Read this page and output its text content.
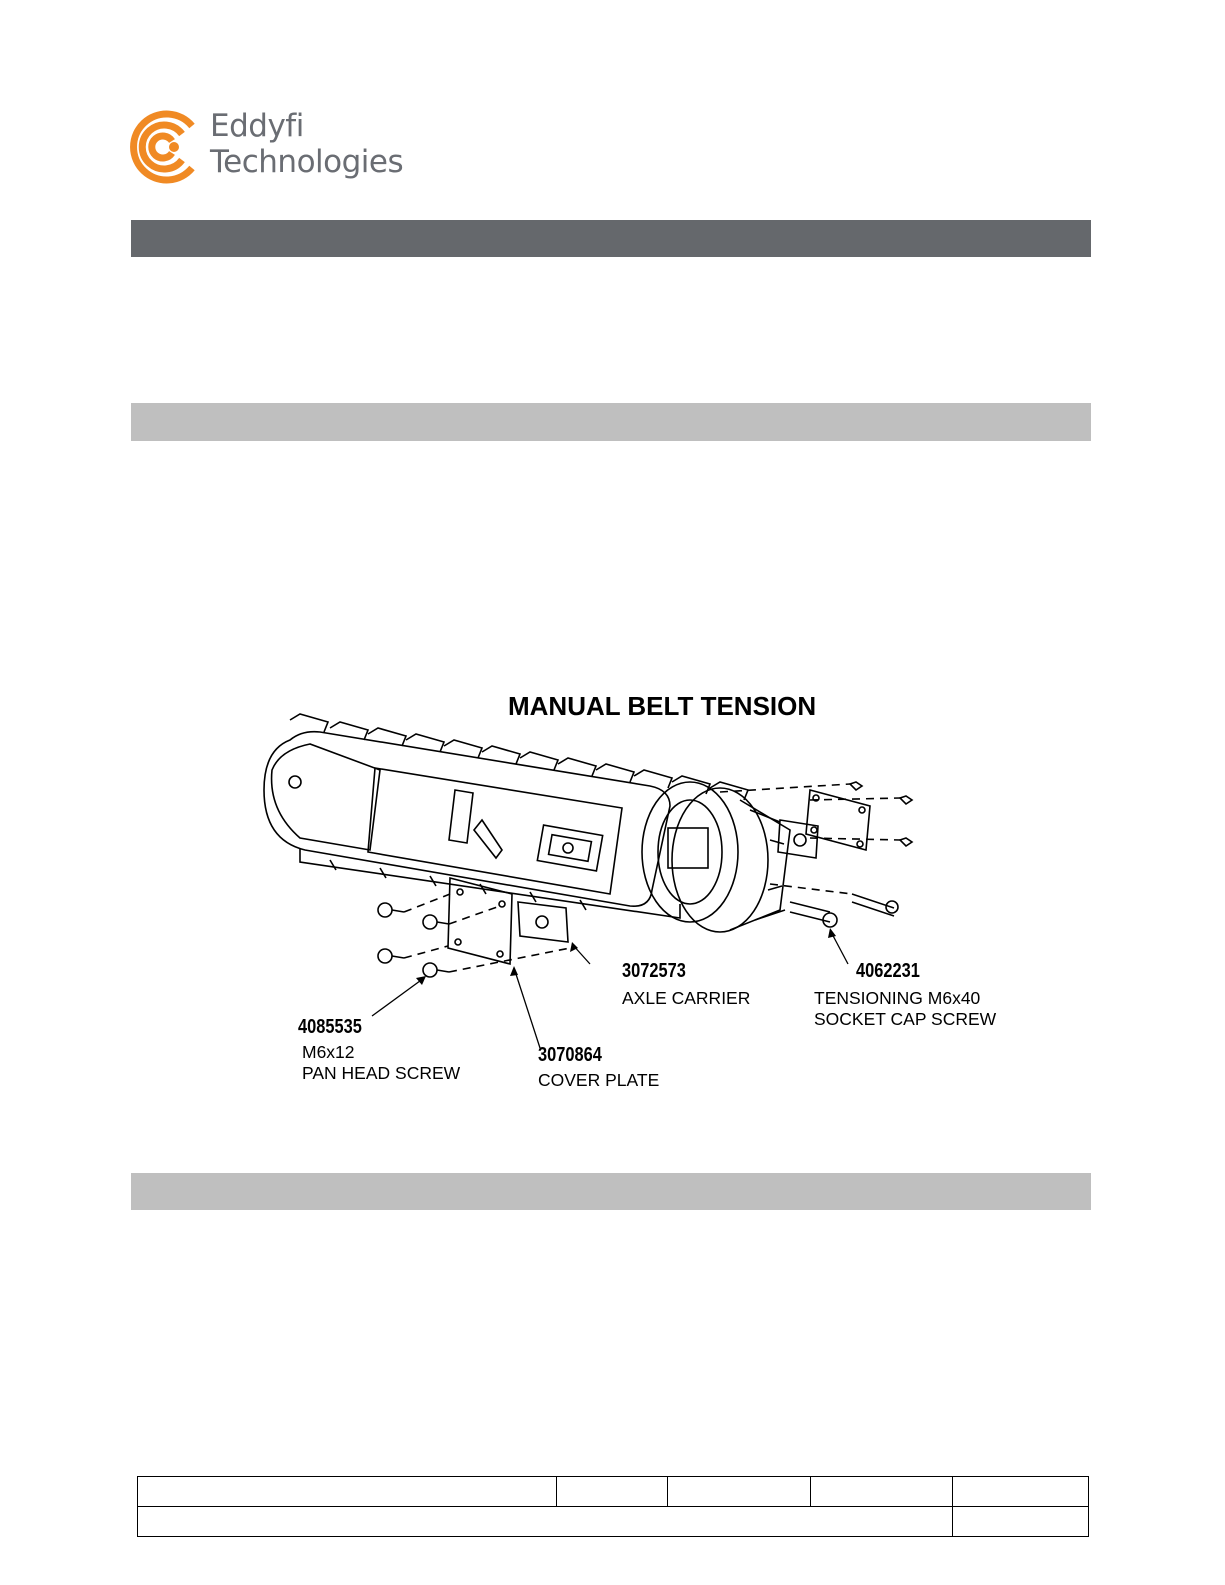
Eddyfi
Technologies
MANUAL BELT TENSION
3072573
AXLE CARRIER
4062231
TENSIONING M6x40
SOCKET CAP SCREW
4085535
M6x12
PAN HEAD SCREW
3070864
COVER PLATE
